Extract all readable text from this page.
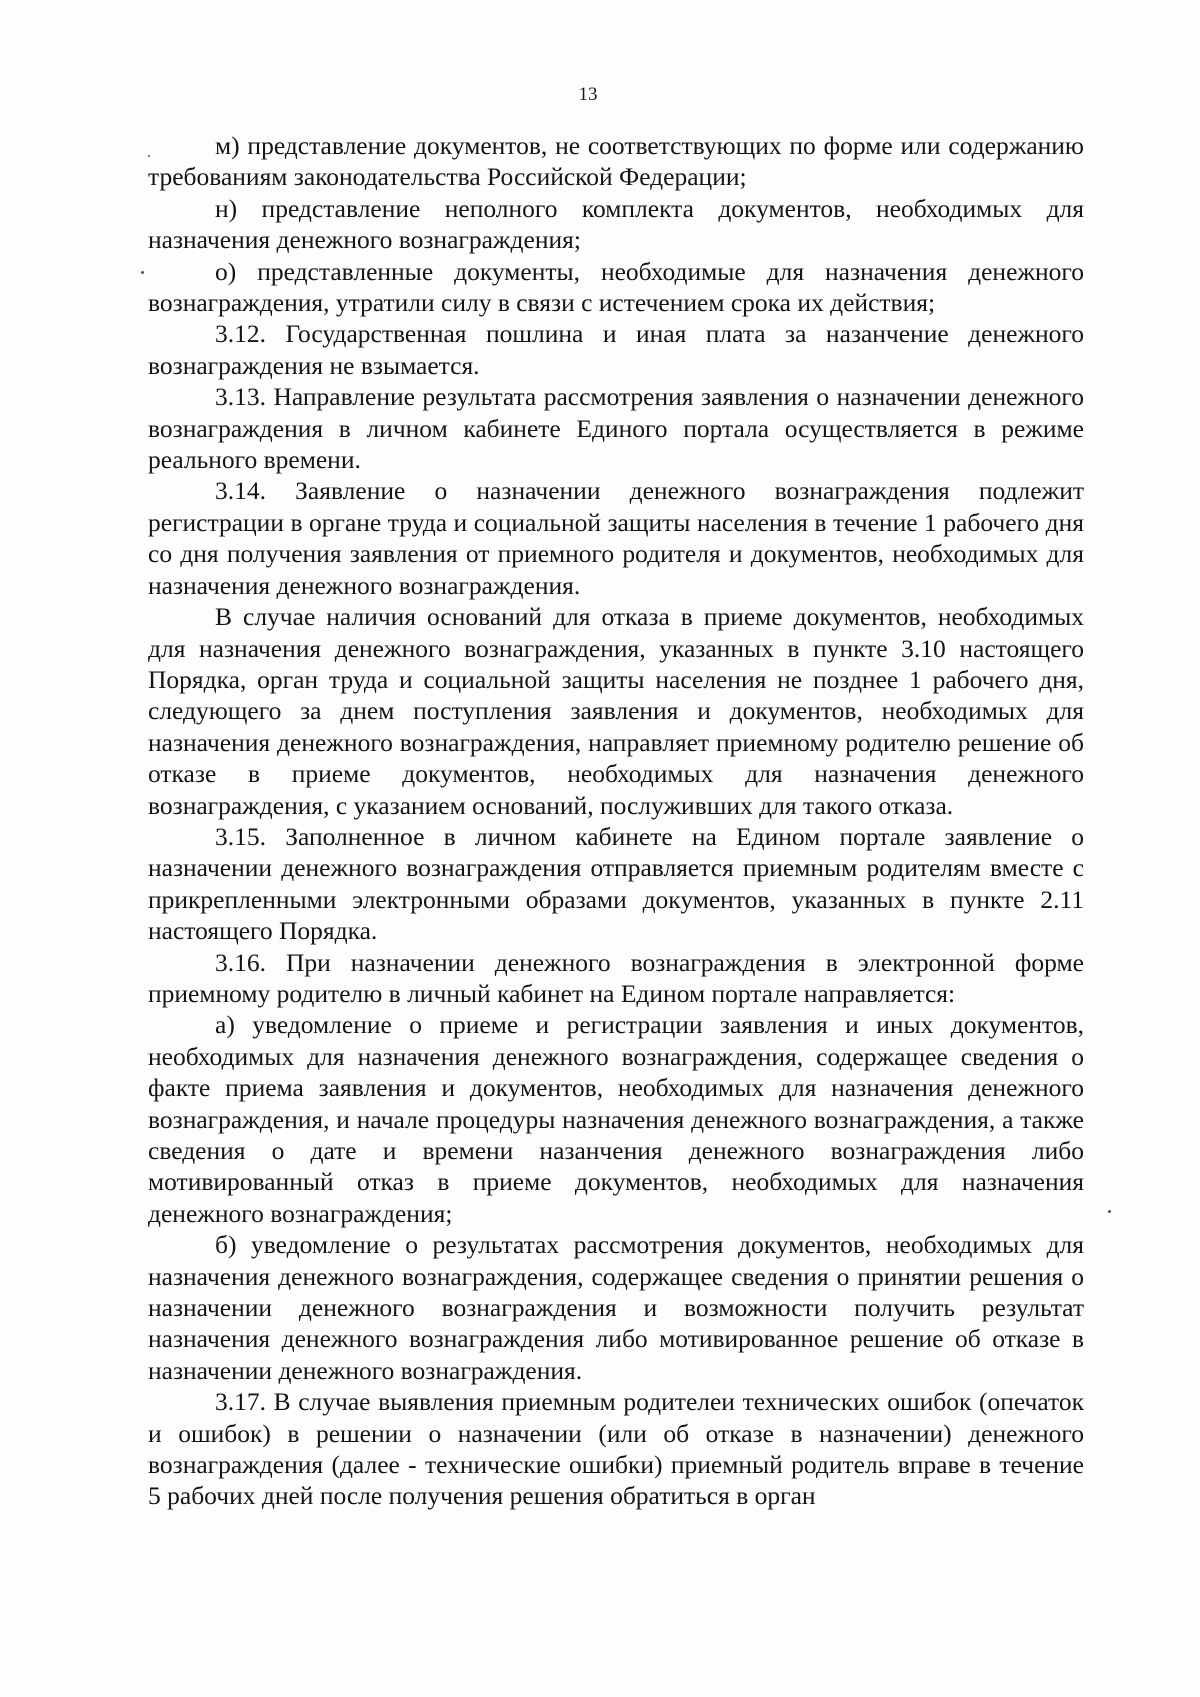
13

м) представление документов, не соответствующих по форме или содержанию требованиям законодательства Российской Федерации;

н) представление неполного комплекта документов, необходимых для назначения денежного вознаграждения;

о) представленные документы, необходимые для назначения денежного вознаграждения, утратили силу в связи с истечением срока их действия;

3.12. Государственная пошлина и иная плата за назанчение денежного вознаграждения не взымается.

3.13. Направление результата рассмотрения заявления о назначении денежного вознаграждения в личном кабинете Единого портала осуществляется в режиме реального времени.

3.14. Заявление о назначении денежного вознаграждения подлежит регистрации в органе труда и социальной защиты населения в течение 1 рабочего дня со дня получения заявления от приемного родителя и документов, необходимых для назначения денежного вознаграждения.

В случае наличия оснований для отказа в приеме документов, необходимых для назначения денежного вознаграждения, указанных в пункте 3.10 настоящего Порядка, орган труда и социальной защиты населения не позднее 1 рабочего дня, следующего за днем поступления заявления и документов, необходимых для назначения денежного вознаграждения, направляет приемному родителю решение об отказе в приеме документов, необходимых для назначения денежного вознаграждения, с указанием оснований, послуживших для такого отказа.

3.15. Заполненное в личном кабинете на Едином портале заявление о назначении денежного вознаграждения отправляется приемным родителям вместе с прикрепленными электронными образами документов, указанных в пункте 2.11 настоящего Порядка.

3.16. При назначении денежного вознаграждения в электронной форме приемному родителю в личный кабинет на Едином портале направляется:

а) уведомление о приеме и регистрации заявления и иных документов, необходимых для назначения денежного вознаграждения, содержащее сведения о факте приема заявления и документов, необходимых для назначения денежного вознаграждения, и начале процедуры назначения денежного вознаграждения, а также сведения о дате и времени назанчения денежного вознаграждения либо мотивированный отказ в приеме документов, необходимых для назначения денежного вознаграждения;

б) уведомление о результатах рассмотрения документов, необходимых для назначения денежного вознаграждения, содержащее сведения о принятии решения о назначении денежного вознаграждения и возможности получить результат назначения денежного вознаграждения либо мотивированное решение об отказе в назначении денежного вознаграждения.

3.17. В случае выявления приемным родителеи технических ошибок (опечаток и ошибок) в решении о назначении (или об отказе в назначении) денежного вознаграждения (далее - технические ошибки) приемный родитель вправе в течение 5 рабочих дней после получения решения обратиться в орган
